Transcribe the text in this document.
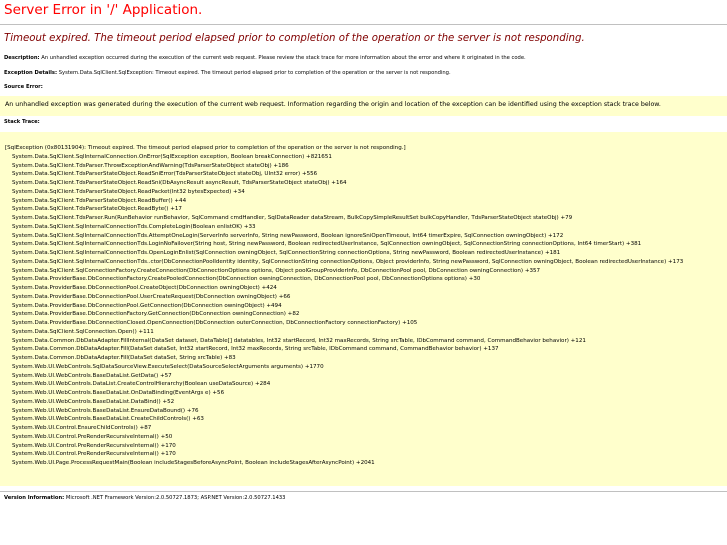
Server Error in '/' Application.
Timeout expired. The timeout period elapsed prior to completion of the operation or the server is not responding.
Description: An unhandled exception occurred during the execution of the current web request. Please review the stack trace for more information about the error and where it originated in the code.
Exception Details: System.Data.SqlClient.SqlException: Timeout expired. The timeout period elapsed prior to completion of the operation or the server is not responding.
Source Error:
An unhandled exception was generated during the execution of the current web request. Information regarding the origin and location of the exception can be identified using the exception stack trace below.
Stack Trace:
[SqlException (0x80131904): Timeout expired. The timeout period elapsed prior to completion of the operation or the server is not responding.]
System.Data.SqlClient.SqlInternalConnection.OnError(SqlException exception, Boolean breakConnection) +821651
System.Data.SqlClient.TdsParser.ThrowExceptionAndWarning(TdsParserStateObject stateObj) +186
System.Data.SqlClient.TdsParserStateObject.ReadSniError(TdsParserStateObject stateObj, UInt32 error) +556
System.Data.SqlClient.TdsParserStateObject.ReadSni(DbAsyncResult asyncResult, TdsParserStateObject stateObj) +164
System.Data.SqlClient.TdsParserStateObject.ReadPacket(Int32 bytesExpected) +34
System.Data.SqlClient.TdsParserStateObject.ReadBuffer() +44
System.Data.SqlClient.TdsParserStateObject.ReadByte() +17
System.Data.SqlClient.TdsParser.Run(RunBehavior runBehavior, SqlCommand cmdHandler, SqlDataReader dataStream, BulkCopySimpleResultSet bulkCopyHandler, TdsParserStateObject stateObj) +79
System.Data.SqlClient.SqlInternalConnectionTds.CompleteLogin(Boolean enlistOK) +33
System.Data.SqlClient.SqlInternalConnectionTds.AttemptOneLogin(ServerInfo serverInfo, String newPassword, Boolean ignoreSniOpenTimeout, Int64 timerExpire, SqlConnection owningObject) +172
System.Data.SqlClient.SqlInternalConnectionTds.LoginNoFailover(String host, String newPassword, Boolean redirectedUserInstance, SqlConnection owningObject, SqlConnectionString connectionOptions, Int64 timerStart) +381
System.Data.SqlClient.SqlInternalConnectionTds.OpenLoginEnlist(SqlConnection owningObject, SqlConnectionString connectionOptions, String newPassword, Boolean redirectedUserInstance) +181
System.Data.SqlClient.SqlInternalConnectionTds..ctor(DbConnectionPoolIdentity identity, SqlConnectionString connectionOptions, Object providerInfo, String newPassword, SqlConnection owningObject, Boolean redirectedUserInstance) +173
System.Data.SqlClient.SqlConnectionFactory.CreateConnection(DbConnectionOptions options, Object poolGroupProviderInfo, DbConnectionPool pool, DbConnection owningConnection) +357
System.Data.ProviderBase.DbConnectionFactory.CreatePooledConnection(DbConnection owningConnection, DbConnectionPool pool, DbConnectionOptions options) +30
System.Data.ProviderBase.DbConnectionPool.CreateObject(DbConnection owningObject) +424
System.Data.ProviderBase.DbConnectionPool.UserCreateRequest(DbConnection owningObject) +66
System.Data.ProviderBase.DbConnectionPool.GetConnection(DbConnection owningObject) +494
System.Data.ProviderBase.DbConnectionFactory.GetConnection(DbConnection owningConnection) +82
System.Data.ProviderBase.DbConnectionClosed.OpenConnection(DbConnection outerConnection, DbConnectionFactory connectionFactory) +105
System.Data.SqlClient.SqlConnection.Open() +111
System.Data.Common.DbDataAdapter.FillInternal(DataSet dataset, DataTable[] datatables, Int32 startRecord, Int32 maxRecords, String srcTable, IDbCommand command, CommandBehavior behavior) +121
System.Data.Common.DbDataAdapter.Fill(DataSet dataSet, Int32 startRecord, Int32 maxRecords, String srcTable, IDbCommand command, CommandBehavior behavior) +137
System.Data.Common.DbDataAdapter.Fill(DataSet dataSet, String srcTable) +83
System.Web.UI.WebControls.SqlDataSourceView.ExecuteSelect(DataSourceSelectArguments arguments) +1770
System.Web.UI.WebControls.BaseDataList.GetData() +57
System.Web.UI.WebControls.DataList.CreateControlHierarchy(Boolean useDataSource) +284
System.Web.UI.WebControls.BaseDataList.OnDataBinding(EventArgs e) +56
System.Web.UI.WebControls.BaseDataList.DataBind() +52
System.Web.UI.WebControls.BaseDataList.EnsureDataBound() +76
System.Web.UI.WebControls.BaseDataList.CreateChildControls() +63
System.Web.UI.Control.EnsureChildControls() +87
System.Web.UI.Control.PreRenderRecursiveInternal() +50
System.Web.UI.Control.PreRenderRecursiveInternal() +170
System.Web.UI.Control.PreRenderRecursiveInternal() +170
System.Web.UI.Page.ProcessRequestMain(Boolean includeStagesBeforeAsyncPoint, Boolean includeStagesAfterAsyncPoint) +2041
Version Information: Microsoft .NET Framework Version:2.0.50727.1873; ASP.NET Version:2.0.50727.1433
